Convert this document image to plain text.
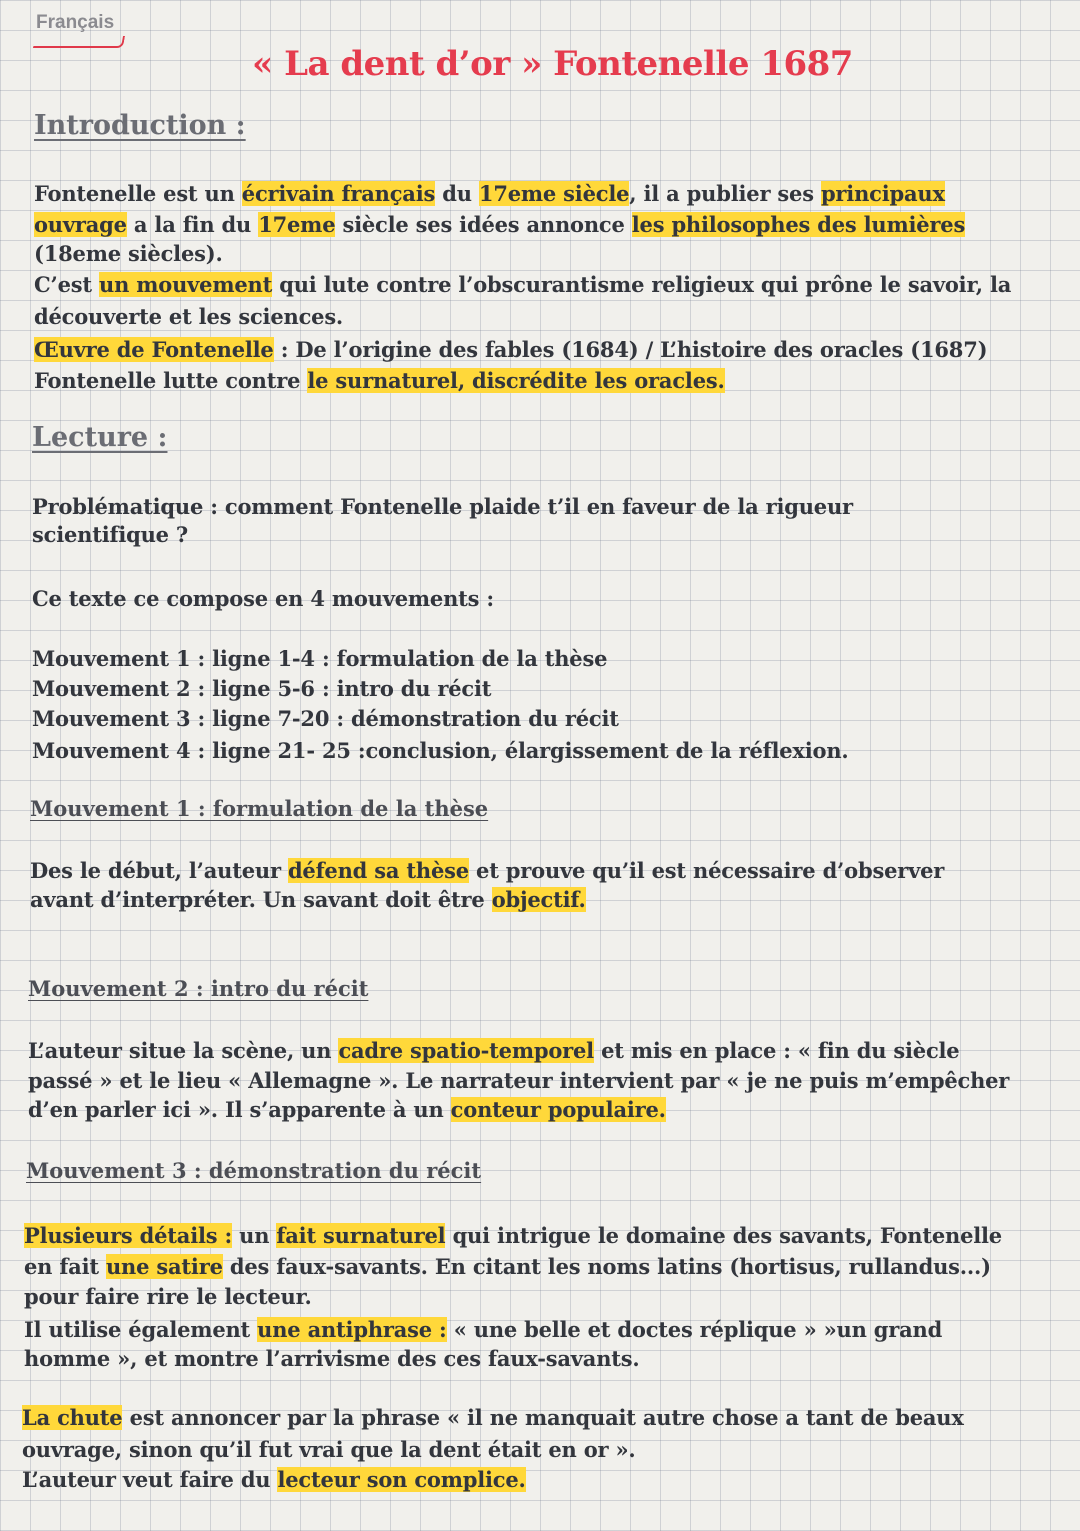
Français
« La dent d’or » Fontenelle 1687
Introduction :
Fontenelle est un écrivain français du 17eme siècle, il a publier ses principaux
ouvrage a la fin du 17eme siècle ses idées annonce les philosophes des lumières
(18eme siècles).
C’est un mouvement qui lute contre l’obscurantisme religieux qui prône le savoir, la
découverte et les sciences.
Œuvre de Fontenelle : De l’origine des fables (1684) / L’histoire des oracles (1687)
Fontenelle lutte contre le surnaturel, discrédite les oracles.
Lecture :
Problématique : comment Fontenelle plaide t’il en faveur de la rigueur
scientifique ?
Ce texte ce compose en 4 mouvements :
Mouvement 1 : ligne 1-4 : formulation de la thèse
Mouvement 2 : ligne 5-6 : intro du récit
Mouvement 3 : ligne 7-20 : démonstration du récit
Mouvement 4 : ligne 21- 25 :conclusion, élargissement de la réflexion.
Mouvement 1 : formulation de la thèse
Des le début, l’auteur défend sa thèse et prouve qu’il est nécessaire d’observer
avant d’interpréter. Un savant doit être objectif.
Mouvement 2 : intro du récit
L’auteur situe la scène, un cadre spatio-temporel et mis en place : « fin du siècle
passé » et le lieu « Allemagne ». Le narrateur intervient par « je ne puis m’empêcher
d’en parler ici ». Il s’apparente à un conteur populaire.
Mouvement 3 : démonstration du récit
Plusieurs détails : un fait surnaturel qui intrigue le domaine des savants, Fontenelle
en fait une satire des faux-savants. En citant les noms latins (hortisus, rullandus...)
pour faire rire le lecteur.
Il utilise également une antiphrase : « une belle et doctes réplique » »un grand
homme », et montre l’arrivisme des ces faux-savants.
La chute est annoncer par la phrase « il ne manquait autre chose a tant de beaux
ouvrage, sinon qu’il fut vrai que la dent était en or ».
L’auteur veut faire du lecteur son complice.
